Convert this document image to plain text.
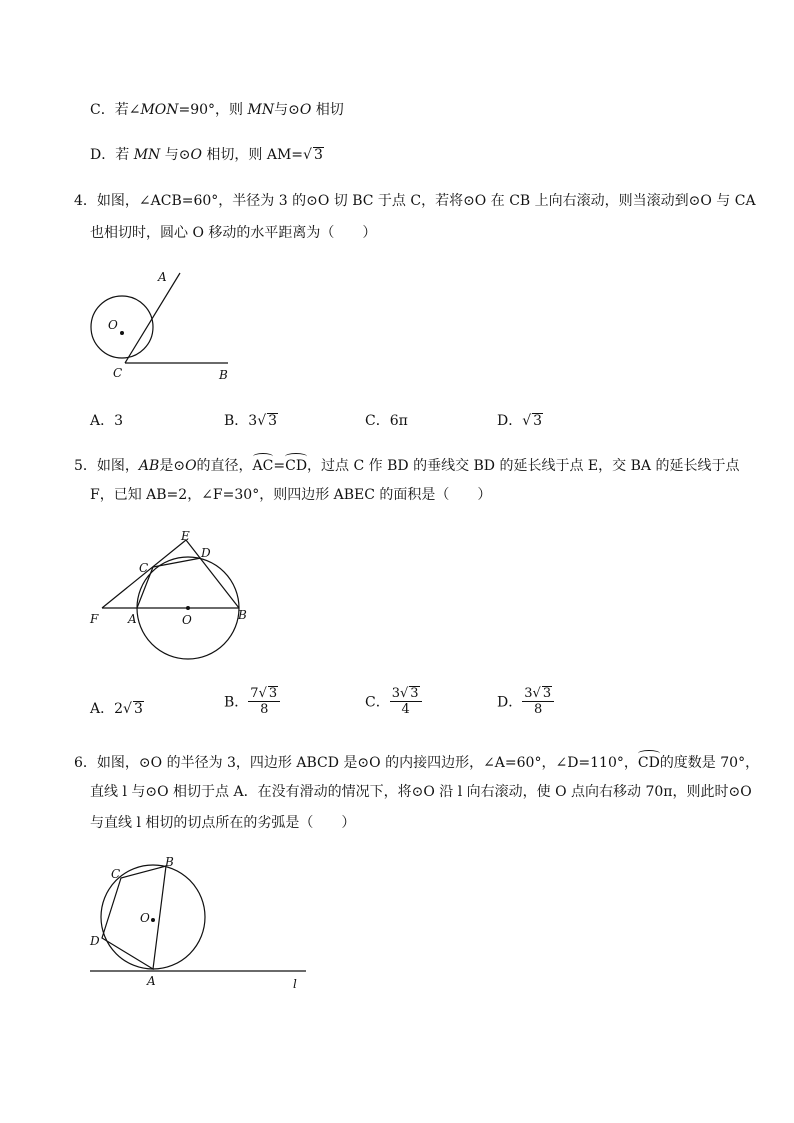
C．若∠MON=90°，则 MN与⊙O 相切
D．若 MN 与⊙O 相切，则 AM=√ 3
4．如图，∠ACB=60°，半径为 3 的⊙O 切 BC 于点 C，若将⊙O 在 CB 上向右滚动，则当滚动到⊙O 与 CA
也相切时，圆心 O 移动的水平距离为（　　）
A
O
C	B
A．3	B．3√ 3	C．6π	D．√ 3
5．如图，AB是⊙O的直径，AC=CD，过点 C 作 BD 的垂线交 BD 的延长线于点 E，交 BA 的延长线于点
F，已知 AB=2，∠F=30°，则四边形 ABEC 的面积是（　　）
E
D
C
F A	O	B
A．2√ 3	B． $\frac{7√ 3}{8}$	C． $\frac{3√ 3}{4}$	D． $\frac{3√ 3}{8}$
6．如图，⊙O 的半径为 3，四边形 ABCD 是⊙O 的内接四边形，∠A=60°，∠D=110°，CD的度数是 70°，
直线 l 与⊙O 相切于点 A．在没有滑动的情况下，将⊙O 沿 l 向右滚动，使 O 点向右移动 70π，则此时⊙O
与直线 l 相切的切点所在的劣弧是（　　）
B
C
O
D
A	l
